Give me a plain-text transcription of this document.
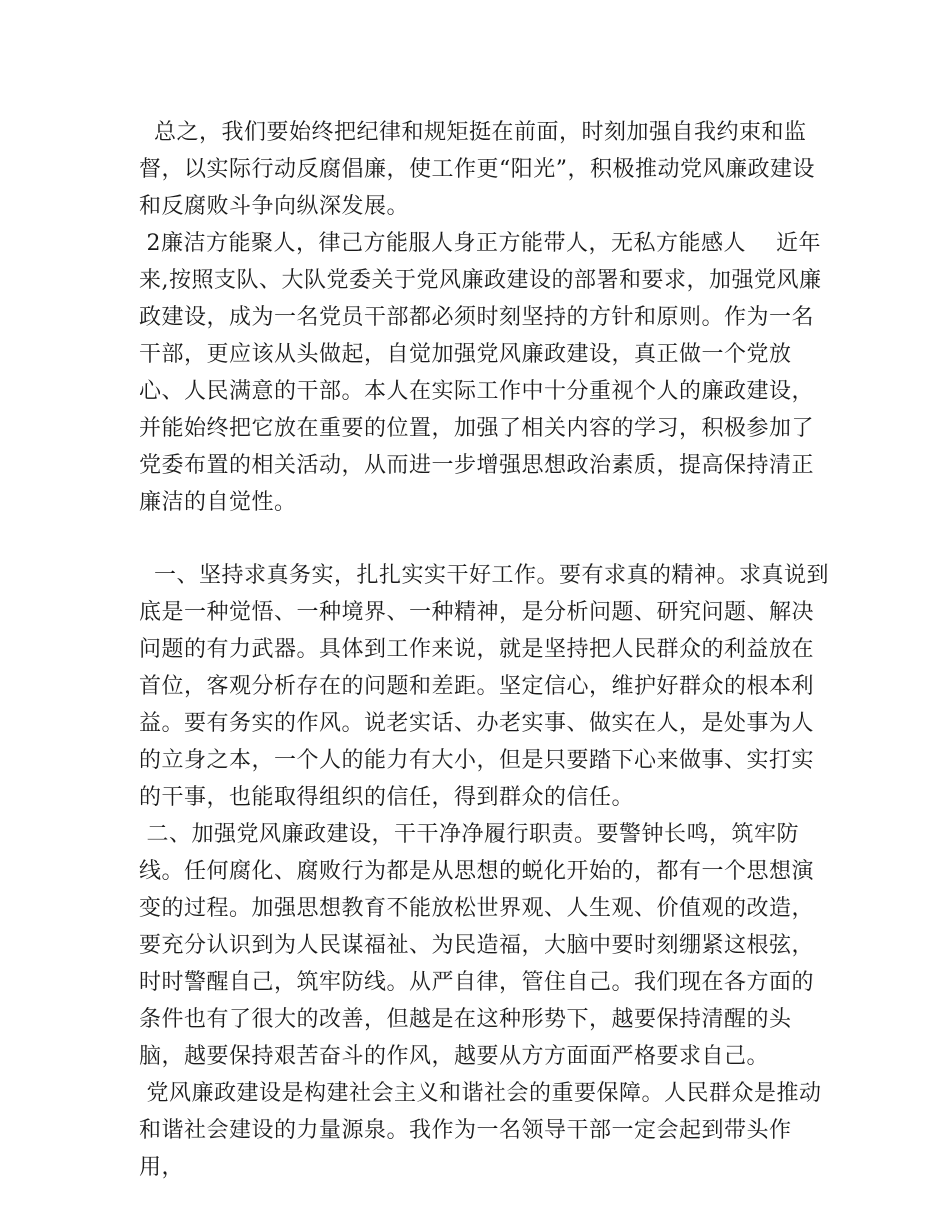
总之，我们要始终把纪律和规矩挺在前面，时刻加强自我约束和监督，以实际行动反腐倡廉，使工作更“阳光”，积极推动党风廉政建设和反腐败斗争向纵深发展。

2廉洁方能聚人，律己方能服人身正方能带人，无私方能感人    近年来,按照支队、大队党委关于党风廉政建设的部署和要求，加强党风廉政建设，成为一名党员干部都必须时刻坚持的方针和原则。作为一名干部，更应该从头做起，自觉加强党风廉政建设，真正做一个党放心、人民满意的干部。本人在实际工作中十分重视个人的廉政建设，并能始终把它放在重要的位置，加强了相关内容的学习，积极参加了党委布置的相关活动，从而进一步增强思想政治素质，提高保持清正廉洁的自觉性。

一、坚持求真务实，扎扎实实干好工作。要有求真的精神。求真说到底是一种觉悟、一种境界、一种精神，是分析问题、研究问题、解决问题的有力武器。具体到工作来说，就是坚持把人民群众的利益放在首位，客观分析存在的问题和差距。坚定信心，维护好群众的根本利益。要有务实的作风。说老实话、办老实事、做实在人，是处事为人的立身之本，一个人的能力有大小，但是只要踏下心来做事、实打实的干事，也能取得组织的信任，得到群众的信任。

二、加强党风廉政建设，干干净净履行职责。要警钟长鸣，筑牢防线。任何腐化、腐败行为都是从思想的蜕化开始的，都有一个思想演变的过程。加强思想教育不能放松世界观、人生观、价值观的改造，要充分认识到为人民谋福祉、为民造福，大脑中要时刻绷紧这根弦，时时警醒自己，筑牢防线。从严自律，管住自己。我们现在各方面的条件也有了很大的改善，但越是在这种形势下，越要保持清醒的头脑，越要保持艰苦奋斗的作风，越要从方方面面严格要求自己。

党风廉政建设是构建社会主义和谐社会的重要保障。人民群众是推动和谐社会建设的力量源泉。我作为一名领导干部一定会起到带头作用，
